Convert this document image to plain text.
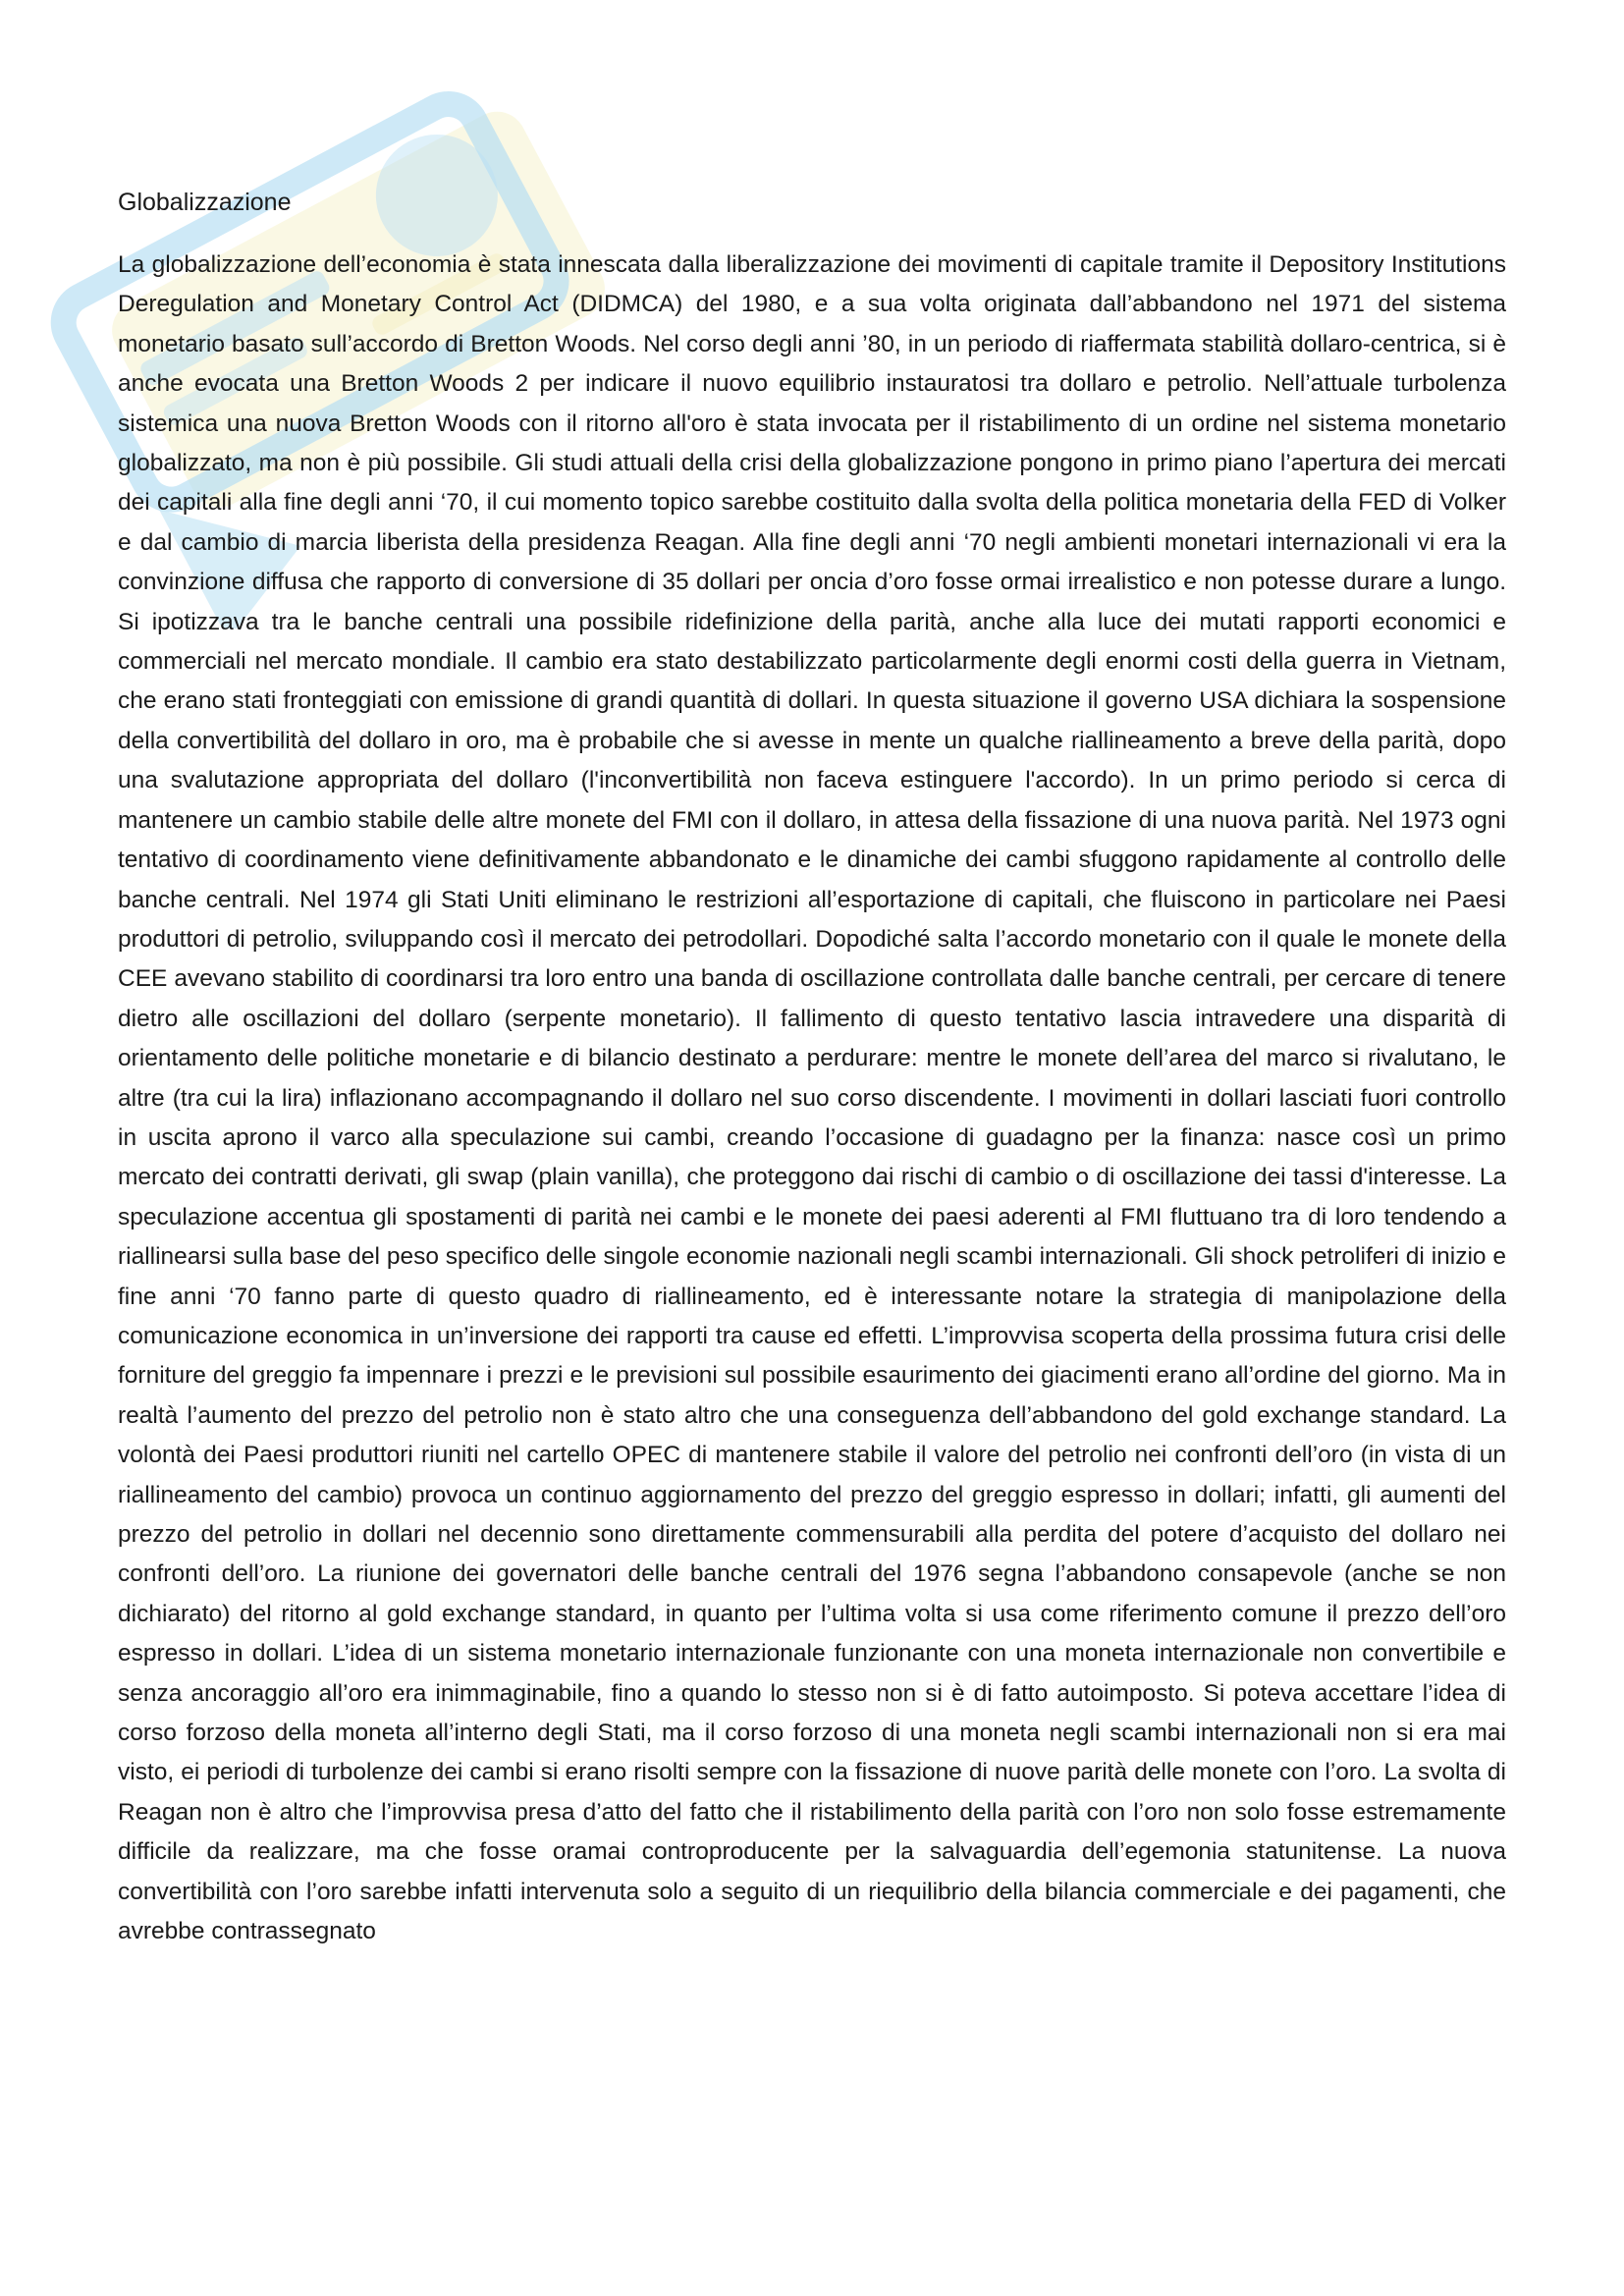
Globalizzazione

La globalizzazione dell’economia è stata innescata dalla liberalizzazione dei movimenti di capitale tramite il Depository Institutions Deregulation and Monetary Control Act (DIDMCA) del 1980, e a sua volta originata dall’abbandono nel 1971 del sistema monetario basato sull’accordo di Bretton Woods. Nel corso degli anni ’80, in un periodo di riaffermata stabilità dollaro-centrica, si è anche evocata una Bretton Woods 2 per indicare il nuovo equilibrio instauratosi tra dollaro e petrolio. Nell’attuale turbolenza sistemica una nuova Bretton Woods con il ritorno all'oro è stata invocata per il ristabilimento di un ordine nel sistema monetario globalizzato, ma non è più possibile. Gli studi attuali della crisi della globalizzazione pongono in primo piano l’apertura dei mercati dei capitali alla fine degli anni ‘70, il cui momento topico sarebbe costituito dalla svolta della politica monetaria della FED di Volker e dal cambio di marcia liberista della presidenza Reagan. Alla fine degli anni ‘70 negli ambienti monetari internazionali vi era la convinzione diffusa che rapporto di conversione di 35 dollari per oncia d’oro fosse ormai irrealistico e non potesse durare a lungo. Si ipotizzava tra le banche centrali una possibile ridefinizione della parità, anche alla luce dei mutati rapporti economici e commerciali nel mercato mondiale. Il cambio era stato destabilizzato particolarmente degli enormi costi della guerra in Vietnam, che erano stati fronteggiati con emissione di grandi quantità di dollari. In questa situazione il governo USA dichiara la sospensione della convertibilità del dollaro in oro, ma è probabile che si avesse in mente un qualche riallineamento a breve della parità, dopo una svalutazione appropriata del dollaro (l'inconvertibilità non faceva estinguere l'accordo). In un primo periodo si cerca di mantenere un cambio stabile delle altre monete del FMI con il dollaro, in attesa della fissazione di una nuova parità. Nel 1973 ogni tentativo di coordinamento viene definitivamente abbandonato e le dinamiche dei cambi sfuggono rapidamente al controllo delle banche centrali. Nel 1974 gli Stati Uniti eliminano le restrizioni all’esportazione di capitali, che fluiscono in particolare nei Paesi produttori di petrolio, sviluppando così il mercato dei petrodollari. Dopodiché salta l’accordo monetario con il quale le monete della CEE avevano stabilito di coordinarsi tra loro entro una banda di oscillazione controllata dalle banche centrali, per cercare di tenere dietro alle oscillazioni del dollaro (serpente monetario). Il fallimento di questo tentativo lascia intravedere una disparità di orientamento delle politiche monetarie e di bilancio destinato a perdurare: mentre le monete dell’area del marco si rivalutano, le altre (tra cui la lira) inflazionano accompagnando il dollaro nel suo corso discendente. I movimenti in dollari lasciati fuori controllo in uscita aprono il varco alla speculazione sui cambi, creando l’occasione di guadagno per la finanza: nasce così un primo mercato dei contratti derivati, gli swap (plain vanilla), che proteggono dai rischi di cambio o di oscillazione dei tassi d'interesse. La speculazione accentua gli spostamenti di parità nei cambi e le monete dei paesi aderenti al FMI fluttuano tra di loro tendendo a riallinearsi sulla base del peso specifico delle singole economie nazionali negli scambi internazionali. Gli shock petroliferi di inizio e fine anni ‘70 fanno parte di questo quadro di riallineamento, ed è interessante notare la strategia di manipolazione della comunicazione economica in un’inversione dei rapporti tra cause ed effetti. L’improvvisa scoperta della prossima futura crisi delle forniture del greggio fa impennare i prezzi e le previsioni sul possibile esaurimento dei giacimenti erano all’ordine del giorno. Ma in realtà l’aumento del prezzo del petrolio non è stato altro che una conseguenza dell’abbandono del gold exchange standard. La volontà dei Paesi produttori riuniti nel cartello OPEC di mantenere stabile il valore del petrolio nei confronti dell’oro (in vista di un riallineamento del cambio) provoca un continuo aggiornamento del prezzo del greggio espresso in dollari; infatti, gli aumenti del prezzo del petrolio in dollari nel decennio sono direttamente commensurabili alla perdita del potere d’acquisto del dollaro nei confronti dell’oro. La riunione dei governatori delle banche centrali del 1976 segna l’abbandono consapevole (anche se non dichiarato) del ritorno al gold exchange standard, in quanto per l’ultima volta si usa come riferimento comune il prezzo dell’oro espresso in dollari. L’idea di un sistema monetario internazionale funzionante con una moneta internazionale non convertibile e senza ancoraggio all’oro era inimmaginabile, fino a quando lo stesso non si è di fatto autoimposto. Si poteva accettare l’idea di corso forzoso della moneta all’interno degli Stati, ma il corso forzoso di una moneta negli scambi internazionali non si era mai visto, ei periodi di turbolenze dei cambi si erano risolti sempre con la fissazione di nuove parità delle monete con l’oro. La svolta di Reagan non è altro che l’improvvisa presa d’atto del fatto che il ristabilimento della parità con l’oro non solo fosse estremamente difficile da realizzare, ma che fosse oramai controproducente per la salvaguardia dell’egemonia statunitense. La nuova convertibilità con l’oro sarebbe infatti intervenuta solo a seguito di un riequilibrio della bilancia commerciale e dei pagamenti, che avrebbe contrassegnato
